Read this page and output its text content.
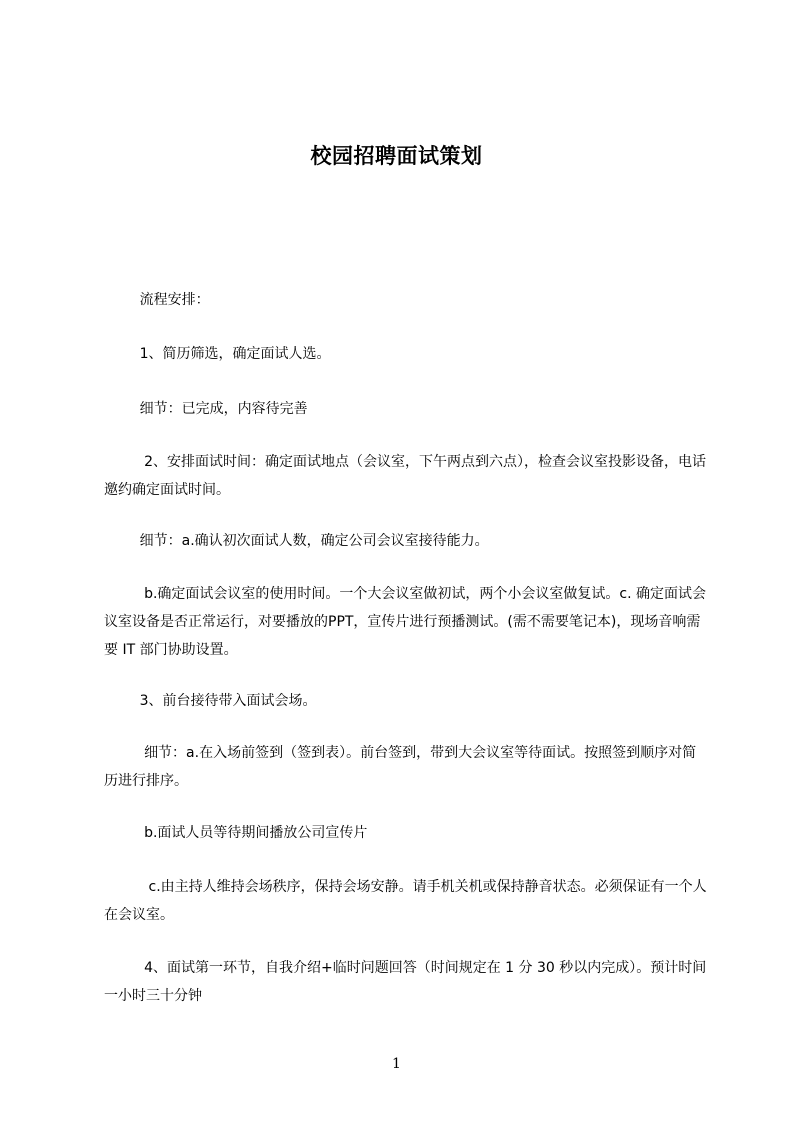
校园招聘面试策划

流程安排：

1、简历筛选，确定面试人选。

细节：已完成，内容待完善

2、安排面试时间：确定面试地点（会议室，下午两点到六点），检查会议室投影设备，电话邀约确定面试时间。

细节：a.确认初次面试人数，确定公司会议室接待能力。

b.确定面试会议室的使用时间。一个大会议室做初试，两个小会议室做复试。c. 确定面试会议室设备是否正常运行，对要播放的PPT，宣传片进行预播测试。(需不需要笔记本)，现场音响需要 IT 部门协助设置。

3、前台接待带入面试会场。

细节：a.在入场前签到（签到表）。前台签到，带到大会议室等待面试。按照签到顺序对简历进行排序。

b.面试人员等待期间播放公司宣传片

c.由主持人维持会场秩序，保持会场安静。请手机关机或保持静音状态。必须保证有一个人在会议室。

4、面试第一环节，自我介绍+临时问题回答（时间规定在 1 分 30 秒以内完成）。预计时间一小时三十分钟

1
